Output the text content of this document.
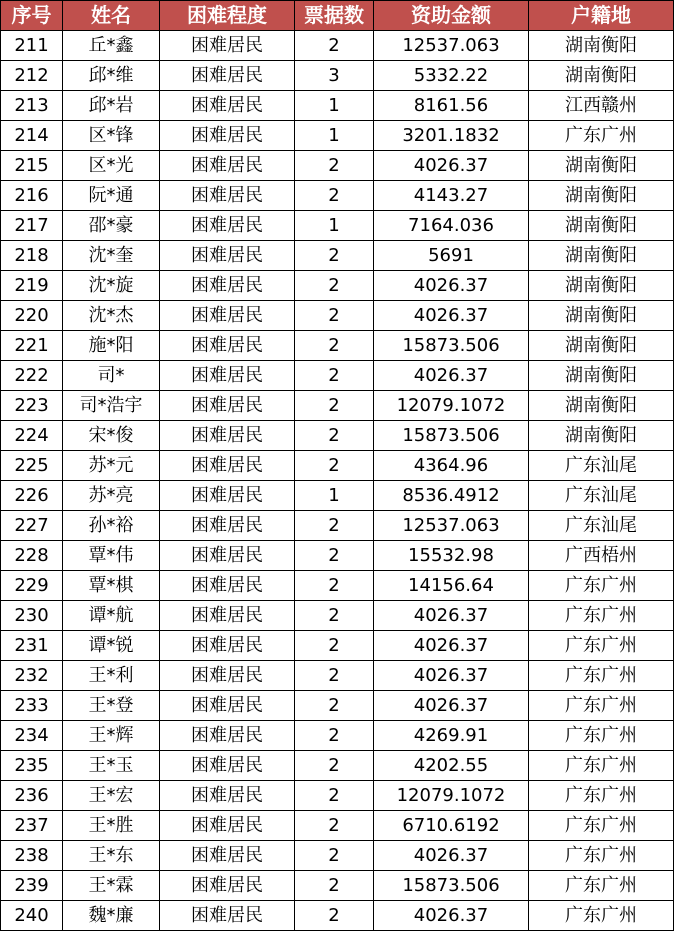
序号	姓名	困难程度	票据数	资助金额	户籍地
211	丘*鑫	困难居民	2	12537.063	湖南衡阳
212	邱*维	困难居民	3	5332.22	湖南衡阳
213	邱*岩	困难居民	1	8161.56	江西赣州
214	区*锋	困难居民	1	3201.1832	广东广州
215	区*光	困难居民	2	4026.37	湖南衡阳
216	阮*通	困难居民	2	4143.27	湖南衡阳
217	邵*豪	困难居民	1	7164.036	湖南衡阳
218	沈*奎	困难居民	2	5691	湖南衡阳
219	沈*旋	困难居民	2	4026.37	湖南衡阳
220	沈*杰	困难居民	2	4026.37	湖南衡阳
221	施*阳	困难居民	2	15873.506	湖南衡阳
222	司*	困难居民	2	4026.37	湖南衡阳
223	司*浩宇	困难居民	2	12079.1072	湖南衡阳
224	宋*俊	困难居民	2	15873.506	湖南衡阳
225	苏*元	困难居民	2	4364.96	广东汕尾
226	苏*亮	困难居民	1	8536.4912	广东汕尾
227	孙*裕	困难居民	2	12537.063	广东汕尾
228	覃*伟	困难居民	2	15532.98	广西梧州
229	覃*棋	困难居民	2	14156.64	广东广州
230	谭*航	困难居民	2	4026.37	广东广州
231	谭*锐	困难居民	2	4026.37	广东广州
232	王*利	困难居民	2	4026.37	广东广州
233	王*登	困难居民	2	4026.37	广东广州
234	王*辉	困难居民	2	4269.91	广东广州
235	王*玉	困难居民	2	4202.55	广东广州
236	王*宏	困难居民	2	12079.1072	广东广州
237	王*胜	困难居民	2	6710.6192	广东广州
238	王*东	困难居民	2	4026.37	广东广州
239	王*霖	困难居民	2	15873.506	广东广州
240	魏*廉	困难居民	2	4026.37	广东广州
